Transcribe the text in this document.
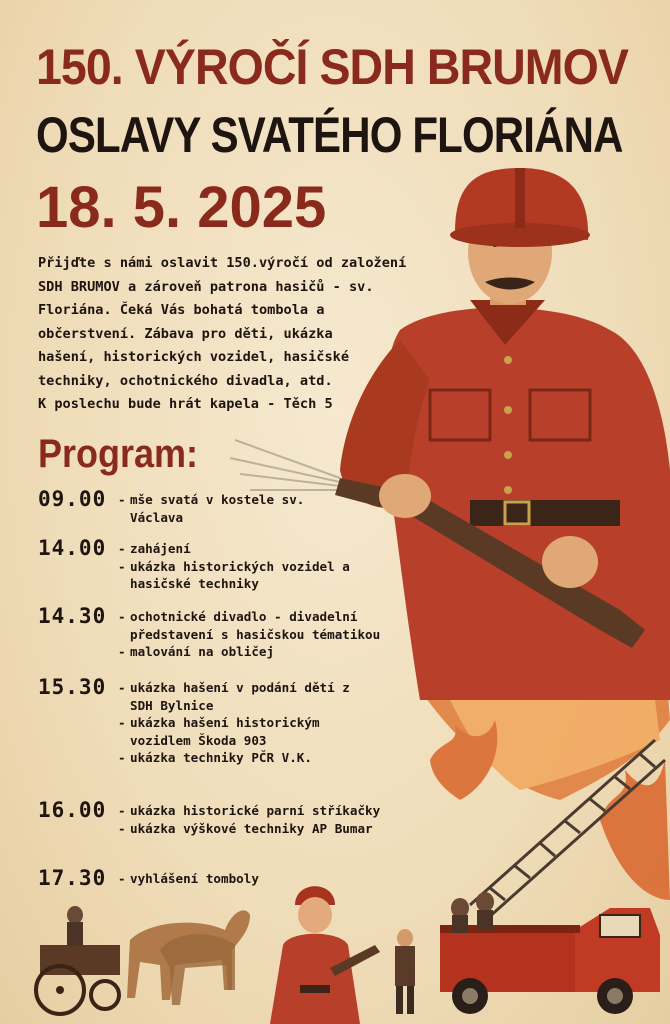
150. VÝROČÍ SDH BRUMOV
OSLAVY SVATÉHO FLORIÁNA
18. 5. 2025
Přijďte s námi oslavit 150.výročí od založení
SDH BRUMOV a zároveň patrona hasičů - sv.
Floriána. Čeká Vás bohatá tombola a
občerstvení. Zábava pro děti, ukázka
hašení, historických vozidel, hasičské
techniky, ochotnického divadla, atd.
K poslechu bude hrát kapela - Těch 5
Program:
09.00 - mše svatá v kostele sv.
Václava
14.00 - zahájení
- ukázka historických vozidel a
hasičské techniky
14.30 - ochotnické divadlo - divadelní
představení s hasičskou tématikou
- malování na obličej
15.30 - ukázka hašení v podání dětí z
SDH Bylnice
- ukázka hašení historickým
vozidlem Škoda 903
- ukázka techniky PČR V.K.
16.00 - ukázka historické parní stříkačky
- ukázka výškové techniky AP Bumar
17.30 - vyhlášení tomboly
